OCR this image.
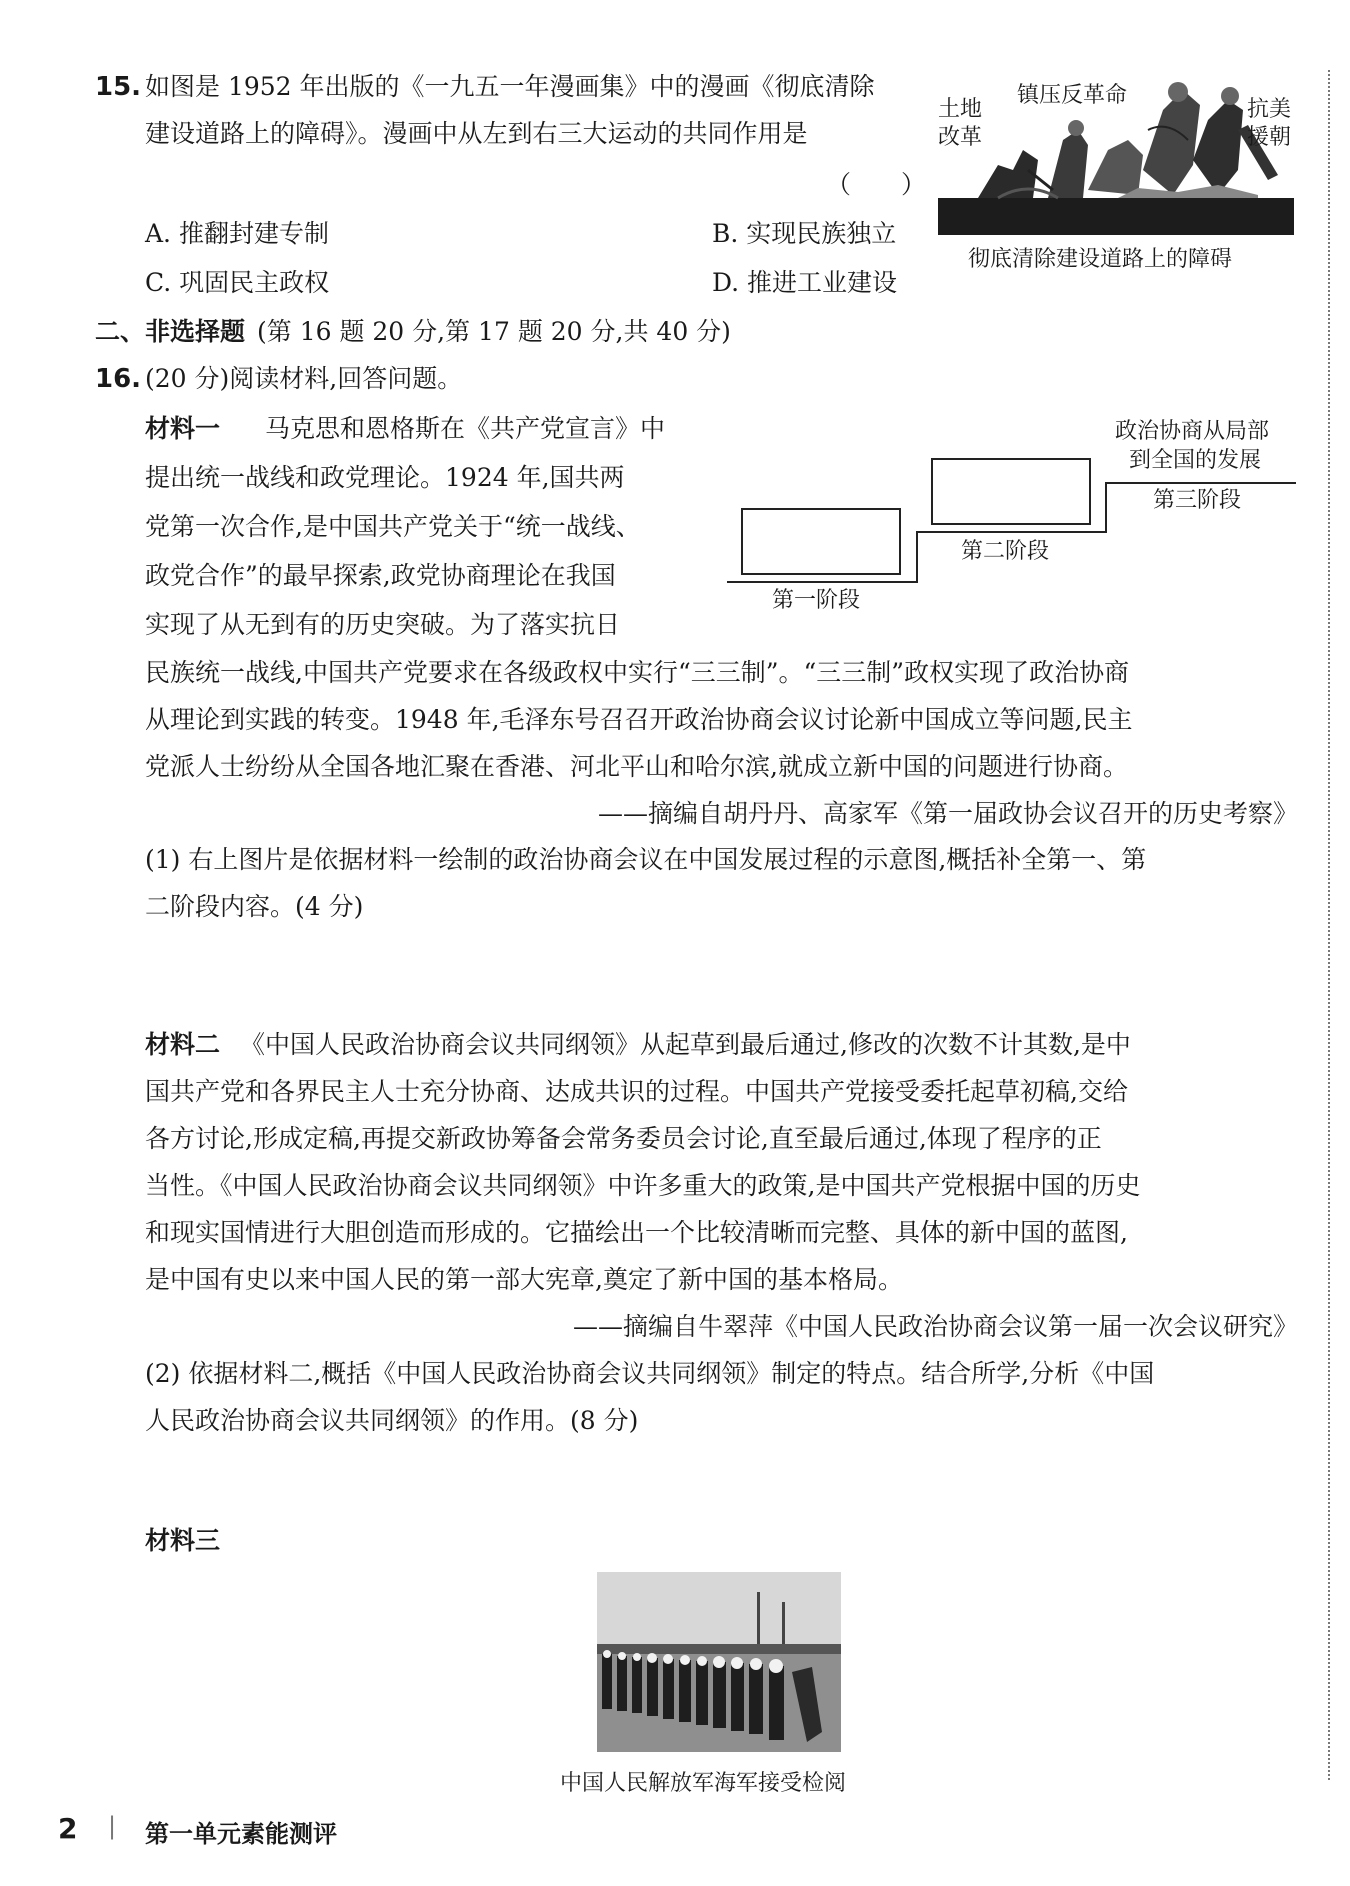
15. 如图是 1952 年出版的《一九五一年漫画集》中的漫画《彻底清除
建设道路上的障碍》。漫画中从左到右三大运动的共同作用是
（　　）
A. 推翻封建专制	B. 实现民族独立
C. 巩固民主政权	D. 推进工业建设
土地
改革
镇压反革命
抗美
援朝
彻底清除建设道路上的障碍
二、非选择题 (第 16 题 20 分,第 17 题 20 分,共 40 分)
16. (20 分)阅读材料,回答问题。
材料一 马克思和恩格斯在《共产党宣言》中
提出统一战线和政党理论。1924 年,国共两
党第一次合作,是中国共产党关于“统一战线、
政党合作”的最早探索,政党协商理论在我国
实现了从无到有的历史突破。为了落实抗日
民族统一战线,中国共产党要求在各级政权中实行“三三制”。“三三制”政权实现了政治协商
从理论到实践的转变。1948 年,毛泽东号召召开政治协商会议讨论新中国成立等问题,民主
党派人士纷纷从全国各地汇聚在香港、河北平山和哈尔滨,就成立新中国的问题进行协商。
——摘编自胡丹丹、高家军《第一届政协会议召开的历史考察》
第一阶段
第二阶段
第三阶段
政治协商从局部
到全国的发展
(1) 右上图片是依据材料一绘制的政治协商会议在中国发展过程的示意图,概括补全第一、第
二阶段内容。(4 分)
材料二 《中国人民政治协商会议共同纲领》从起草到最后通过,修改的次数不计其数,是中
国共产党和各界民主人士充分协商、达成共识的过程。中国共产党接受委托起草初稿,交给
各方讨论,形成定稿,再提交新政协筹备会常务委员会讨论,直至最后通过,体现了程序的正
当性。《中国人民政治协商会议共同纲领》中许多重大的政策,是中国共产党根据中国的历史
和现实国情进行大胆创造而形成的。它描绘出一个比较清晰而完整、具体的新中国的蓝图,
是中国有史以来中国人民的第一部大宪章,奠定了新中国的基本格局。
——摘编自牛翠萍《中国人民政治协商会议第一届一次会议研究》
(2) 依据材料二,概括《中国人民政治协商会议共同纲领》制定的特点。结合所学,分析《中国
人民政治协商会议共同纲领》的作用。(8 分)
材料三
中国人民解放军海军接受检阅
2 | 第一单元素能测评
